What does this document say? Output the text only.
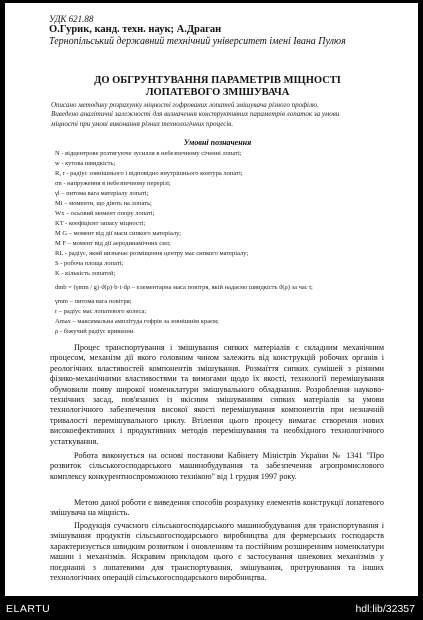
УДК 621.88
О.Гурик, канд. техн. наук; А.Драган
Тернопільський державний технічний університет імені Івана Пулюя
ДО ОБГРУНТУВАННЯ ПАРАМЕТРІВ МІЦНОСТІ
ЛОПАТЕВОГО ЗМІШУВАЧА
Описано методику розрахунку міцності гофрованих лопатей змішувача різного профілю.
Виведено аналітичні залежності для визначення конструктивних параметрів лопаток за умови
міцності при умові виконання різних технологічних процесів.
Умовні позначення
N - відцентрове розтягуюче зусилля в небезпечному січенні лопаті;
w - кутова швидкість;
R, r - радіус зовнішнього і відповідно внутрішнього контура лопаті;
σn - напруження в небезпечному перерізі;
γl – питома вага матеріалу лопаті;
Mi – моменти, що діють на лопать;
Wx – осьовий момент опору лопаті;
KT - коефіцієнт запасу міцності;
M G – момент від дії маси сипкого матеріалу;
M F – момент від дії аеродинамічних сил;
RL - радіус, який визначає розміщення центру мас сипкого матеріалу;
S - робоча площа лопаті;
K - кількість лопатей;
dmb = (γmm / g)·ϑ(ρ)·b·t·dρ – елементарна маса повітря, якій надаємо швидкість ϑ(ρ) за час t;
γmm – питома вага повітря;
r – радіус мас лопатевого колеса;
Amax – максимальна амплітуда гофрів за зовнішнім краєм;
ρ - біжучий радіус кривизни.

Процес транспортування і змішування сипких матеріалів є складним механічним процесом, механізм дії якого головним чином залежить від конструкцій робочих органів і реологічних властивостей компонентів змішування. Розмаїття сипких сумішей з різними фізико-механічними властивостями та вимогами щодо їх якості, технології перемішування обумовили появу широкої номенклатури змішувального обладнання. Розроблення науково-технічних засад, пов'язаних із якісним змішуванням сипких матеріалів за умови технологічного забезпечення високої якості перемішування компонентів при незначній тривалості перемішувального циклу. Втілення цього процесу вимагає створення нових високоефективних і продуктивних методів перемішування та необхідного технологічного устаткування.

Робота виконується на основі постанови Кабінету Міністрів України № 1341 "Про розвиток сільськогосподарського машинобудування та забезпечення агропромислового комплексу конкурентноспроможною технікою" від 1 грудня 1997 року.

Метою даної роботи є виведення способів розрахунку елементів конструкції лопатевого змішувача на міцність.

Продукція сучасного сільськогосподарського машинобудування для транспортування і змішування продуктів сільськогосподарського виробництва для фермерських господарств характеризується швидким розвитком і оновленням та постійним розширенням номенклатури машин і механізмів. Яскравим прикладом цього є застосування шнекових механізмів у поєднанні з лопатевими для транспортування, змішування, протруювання та інших технологічних операцій сільськогосподарського виробництва.

ELARTU	hdl:lib/32357
